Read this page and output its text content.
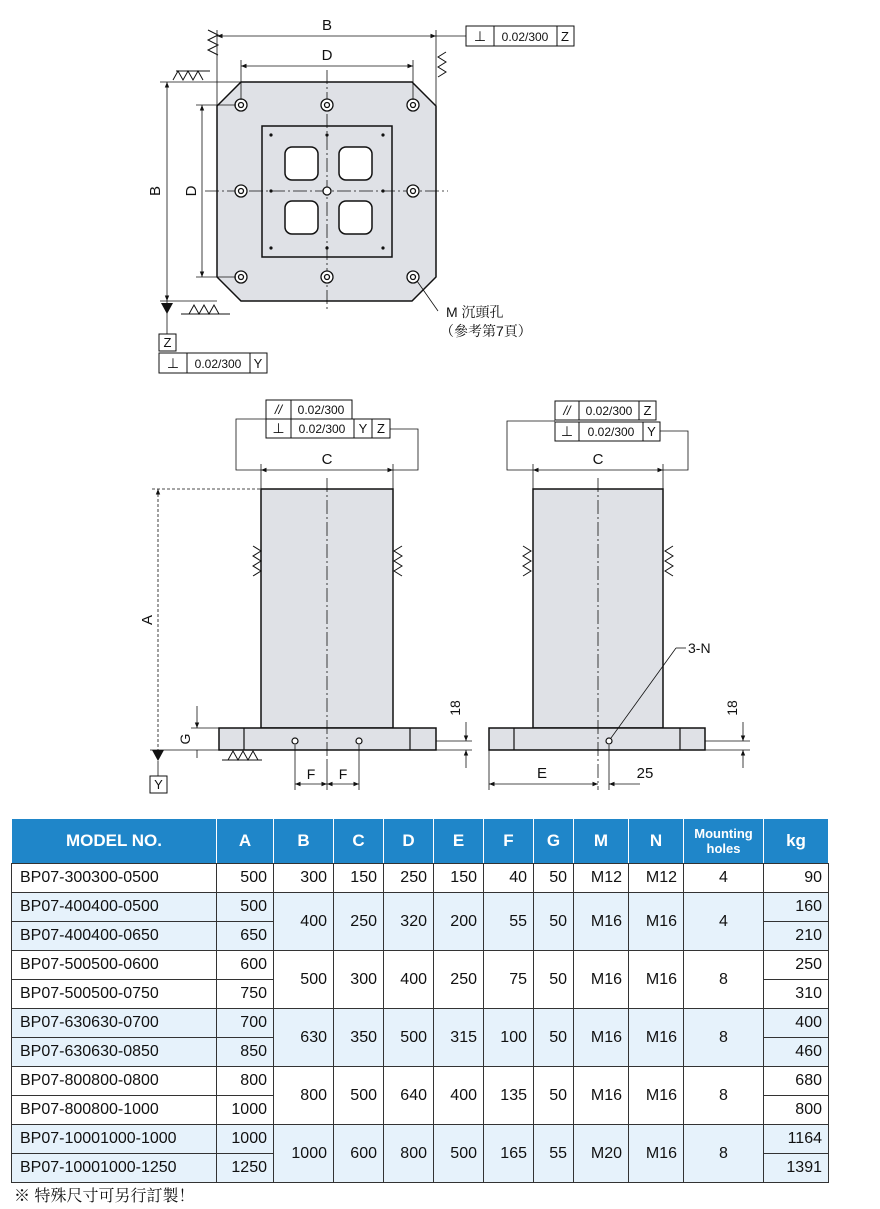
B
D
B D
⊥ 0.02/300 Z
Z
⊥ 0.02/300 Y
M 沉頭孔
（參考第7頁）
// 0.02/300
⊥ 0.02/300 Y Z
C
A
G
Y
F F
18
// 0.02/300 Z
⊥ 0.02/300 Y
C
3-N
E	25
18
MODEL NO.	A	B	C	D	E	F	G	M	N	Mounting
holes	kg
BP07-300300-0500	500	300	150	250	150	40	50	M12	M12	4	90
BP07-400400-0500	500	400	250	320	200	55	50	M16	M16	4	160
BP07-400400-0650	650										210
BP07-500500-0600	600	500	300	400	250	75	50	M16	M16	8	250
BP07-500500-0750	750										310
BP07-630630-0700	700	630	350	500	315	100	50	M16	M16	8	400
BP07-630630-0850	850										460
BP07-800800-0800	800	800	500	640	400	135	50	M16	M16	8	680
BP07-800800-1000	1000										800
BP07-10001000-1000	1000	1000	600	800	500	165	55	M20	M16	8	1164
BP07-10001000-1250	1250										1391
※ 特殊尺寸可另行訂製！
